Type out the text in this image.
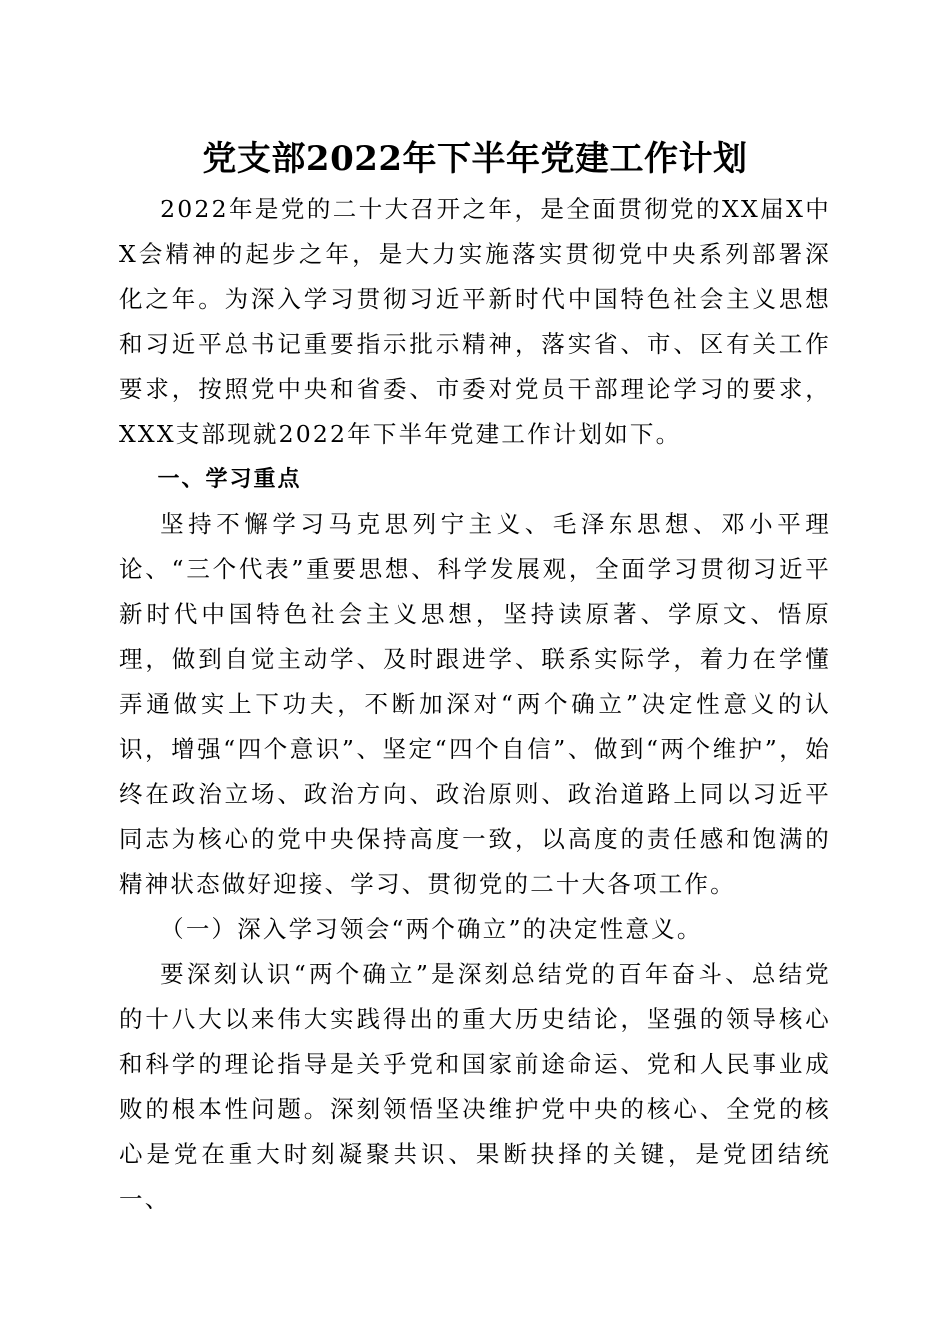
党支部2022年下半年党建工作计划

2022年是党的二十大召开之年，是全面贯彻党的XX届X中X会精神的起步之年，是大力实施落实贯彻党中央系列部署深化之年。为深入学习贯彻习近平新时代中国特色社会主义思想和习近平总书记重要指示批示精神，落实省、市、区有关工作要求，按照党中央和省委、市委对党员干部理论学习的要求，XXX支部现就2022年下半年党建工作计划如下。

一、学习重点

坚持不懈学习马克思列宁主义、毛泽东思想、邓小平理论、“三个代表”重要思想、科学发展观，全面学习贯彻习近平新时代中国特色社会主义思想，坚持读原著、学原文、悟原理，做到自觉主动学、及时跟进学、联系实际学，着力在学懂弄通做实上下功夫，不断加深对“两个确立”决定性意义的认识，增强“四个意识”、坚定“四个自信”、做到“两个维护”，始终在政治立场、政治方向、政治原则、政治道路上同以习近平同志为核心的党中央保持高度一致，以高度的责任感和饱满的精神状态做好迎接、学习、贯彻党的二十大各项工作。

（一）深入学习领会“两个确立”的决定性意义。

要深刻认识“两个确立”是深刻总结党的百年奋斗、总结党的十八大以来伟大实践得出的重大历史结论，坚强的领导核心和科学的理论指导是关乎党和国家前途命运、党和人民事业成败的根本性问题。深刻领悟坚决维护党中央的核心、全党的核心是党在重大时刻凝聚共识、果断抉择的关键，是党团结统一、
